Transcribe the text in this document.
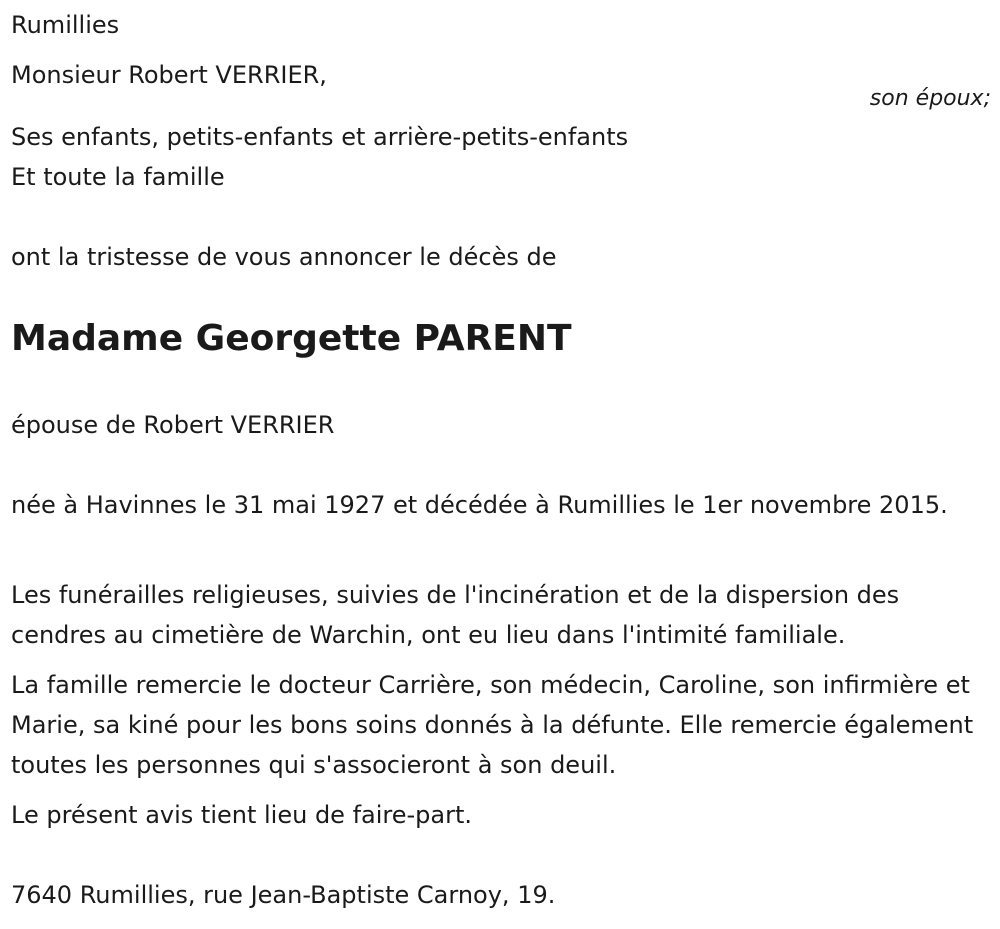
Rumillies

Monsieur Robert VERRIER,

son époux;

Ses enfants, petits-enfants et arrière-petits-enfants

Et toute la famille

ont la tristesse de vous annoncer le décès de

Madame Georgette PARENT

épouse de Robert VERRIER

née à Havinnes le 31 mai 1927 et décédée à Rumillies le 1er novembre 2015.

Les funérailles religieuses, suivies de l'incinération et de la dispersion des cendres au cimetière de Warchin, ont eu lieu dans l'intimité familiale.

La famille remercie le docteur Carrière, son médecin, Caroline, son infirmière et Marie, sa kiné pour les bons soins donnés à la défunte. Elle remercie également toutes les personnes qui s'associeront à son deuil.

Le présent avis tient lieu de faire-part.

7640 Rumillies, rue Jean-Baptiste Carnoy, 19.
